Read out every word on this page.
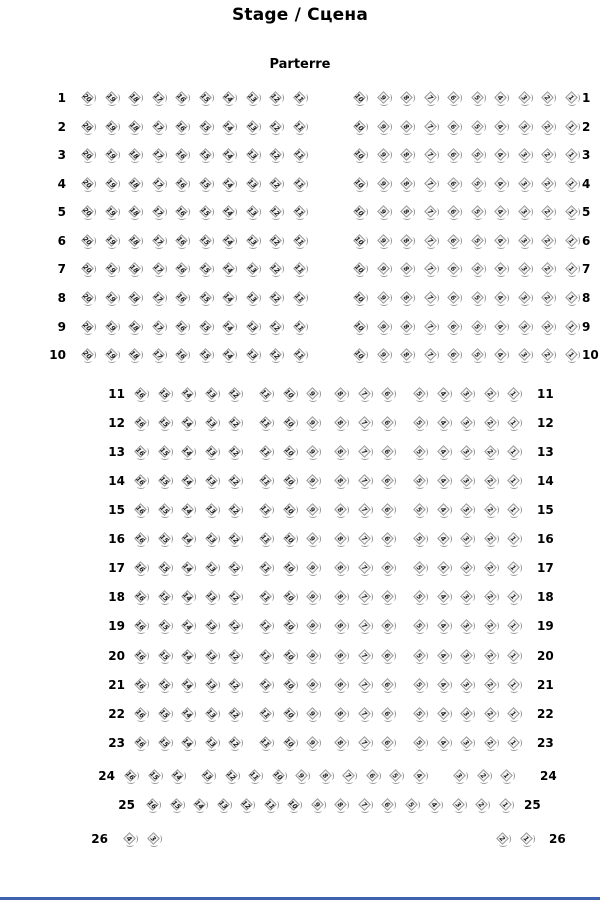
Stage / Сцена
Parterre
1	20	19	18	17	16	15	14	13	12	11	10	9	8	7	6	5	4	3	2	1 1
2	20	19	18	17	16	15	14	13	12	11	10	9	8	7	6	5	4	3	2	1 2
3	20	19	18	17	16	15	14	13	12	11	10	9	8	7	6	5	4	3	2	1 3
4	20	19	18	17	16	15	14	13	12	11	10	9	8	7	6	5	4	3	2	1 4
5	20	19	18	17	16	15	14	13	12	11	10	9	8	7	6	5	4	3	2	1 5
6	20	19	18	17	16	15	14	13	12	11	10	9	8	7	6	5	4	3	2	1 6
7	20	19	18	17	16	15	14	13	12	11	10	9	8	7	6	5	4	3	2	1 7
8	20	19	18	17	16	15	14	13	12	11	10	9	8	7	6	5	4	3	2	1 8
9	20	19	18	17	16	15	14	13	12	11	10	9	8	7	6	5	4	3	2	1 9
10	20	19	18	17	16	15	14	13	12	11	10	9	8	7	6	5	4	3	2	1 10
11	16	15	14	13	12	11	10	9	8	7	6	5	4	3	2	1	11
12	16	15	14	13	12	11	10	9	8	7	6	5	4	3	2	1	12
13	16	15	14	13	12	11	10	9	8	7	6	5	4	3	2	1	13
14	16	15	14	13	12	11	10	9	8	7	6	5	4	3	2	1	14
15	16	15	14	13	12	11	10	9	8	7	6	5	4	3	2	1	15
16	16	15	14	13	12	11	10	9	8	7	6	5	4	3	2	1	16
17	16	15	14	13	12	11	10	9	8	7	6	5	4	3	2	1	17
18	16	15	14	13	12	11	10	9	8	7	6	5	4	3	2	1	18
19	16	15	14	13	12	11	10	9	8	7	6	5	4	3	2	1	19
20	16	15	14	13	12	11	10	9	8	7	6	5	4	3	2	1	20
21	16	15	14	13	12	11	10	9	8	7	6	5	4	3	2	1	21
22	16	15	14	13	12	11	10	9	8	7	6	5	4	3	2	1	22
23	16	15	14	13	12	11	10	9	8	7	6	5	4	3	2	1	23
24	16	15	14	13	12	11	10	9	8	7	6	5	4	3	2	1	24
25	16	15	14	13	12	11	10	9	8	7	6	5	4	3	2	1	25
26	4	3	2	1	26
